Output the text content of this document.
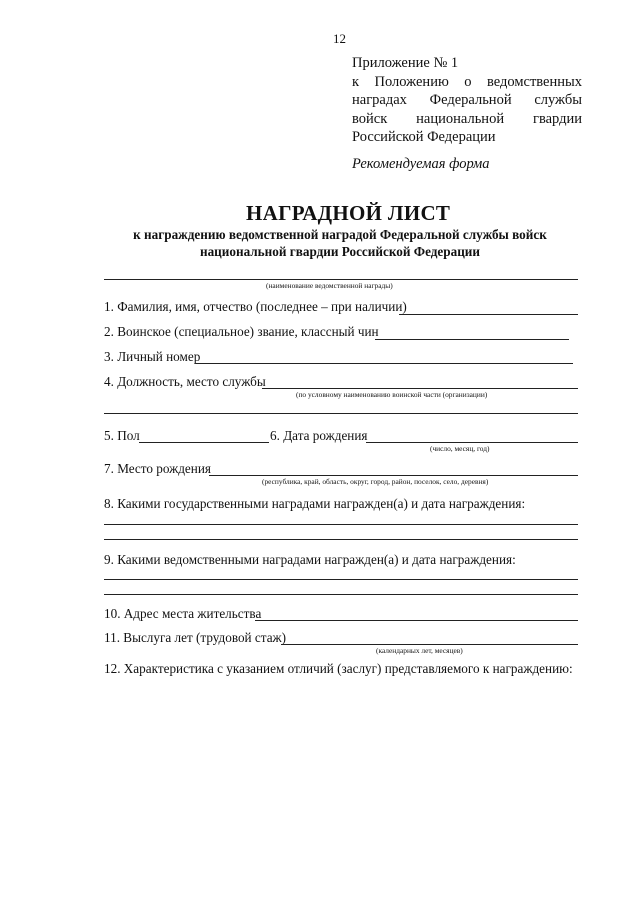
12
Приложение № 1
к Положению о ведомственных
наградах Федеральной службы
войск национальной гвардии
Российской Федерации
Рекомендуемая форма
НАГРАДНОЙ ЛИСТ
к награждению ведомственной наградой Федеральной службы войск
национальной гвардии Российской Федерации
(наименование ведомственной награды)
1. Фамилия, имя, отчество (последнее – при наличии)
2. Воинское (специальное) звание, классный чин
3. Личный номер
4. Должность, место службы
(по условному наименованию воинской части (организации)
5. Пол	6. Дата рождения
(число, месяц, год)
7. Место рождения
(республика, край, область, округ, город, район, поселок, село, деревня)
8. Какими государственными наградами награжден(а) и дата награждения:
9. Какими ведомственными наградами награжден(а) и дата награждения:
10. Адрес места жительства
11. Выслуга лет (трудовой стаж)
(календарных лет, месяцев)
12. Характеристика с указанием отличий (заслуг) представляемого к награждению:
